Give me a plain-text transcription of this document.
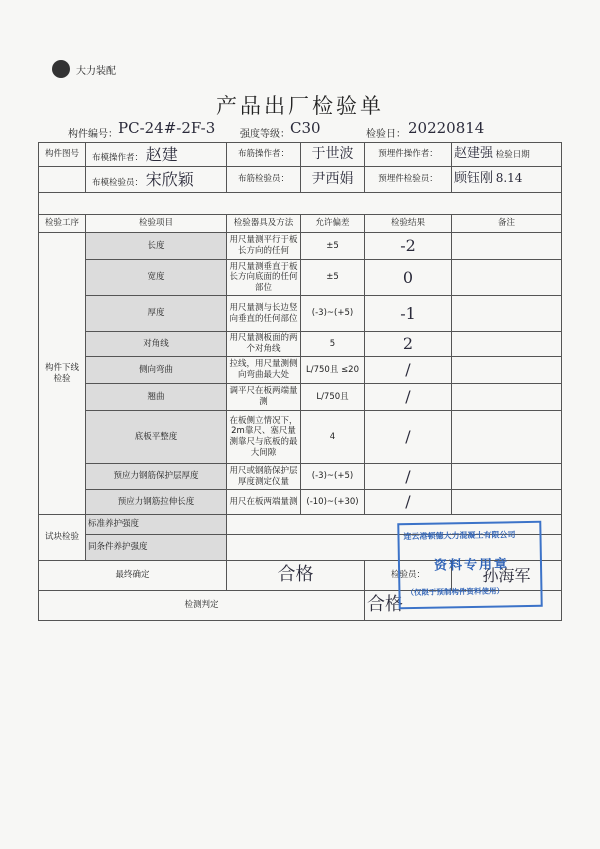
大力装配
产品出厂检验单
构件编号： PC-24#-2F-3 强度等级： C30	检验日： 20220814
构件图号	布模操作者： 赵建	布筋操作者：	于世波	预埋件操作者：	赵建强 检验日期
	布模检验员： 宋欣颖	布筋检验员：	尹西娟	预埋件检验员：	顾钰刚 8.14

检验工序	检验项目	检验器具及方法	允许偏差	检验结果	备注
构件下线检验	长度	用尺量测平行于板长方向的任何	±5	-2	
	宽度	用尺量测垂直于板长方向底面的任何部位	±5	0	
	厚度	用尺量测与长边竖向垂直的任何部位	(-3)~(+5)	-1	
	对角线	用尺量测板面的两个对角线	5	2	
	侧向弯曲	拉线，用尺量测侧向弯曲最大处	L/750且 ≤20	/	
	翘曲	调平尺在板两端量测	L/750且	/	
	底板平整度	在板侧立情况下，2m靠尺、塞尺量测靠尺与底板的最大间隙	4	/	
	预应力钢筋保护层厚度	用尺或钢筋保护层厚度测定仪量	(-3)~(+5)	/	
	预应力钢筋拉伸长度	用尺在板两端量测	(-10)~(+30)	/	
试块检验	标准养护强度				
	同条件养护强度				
最终确定		合格		检验员：	孙海军
检测判定				合格	
连云港顿德大力混凝土有限公司
资料专用章
（仅限于预制构件资料使用）
